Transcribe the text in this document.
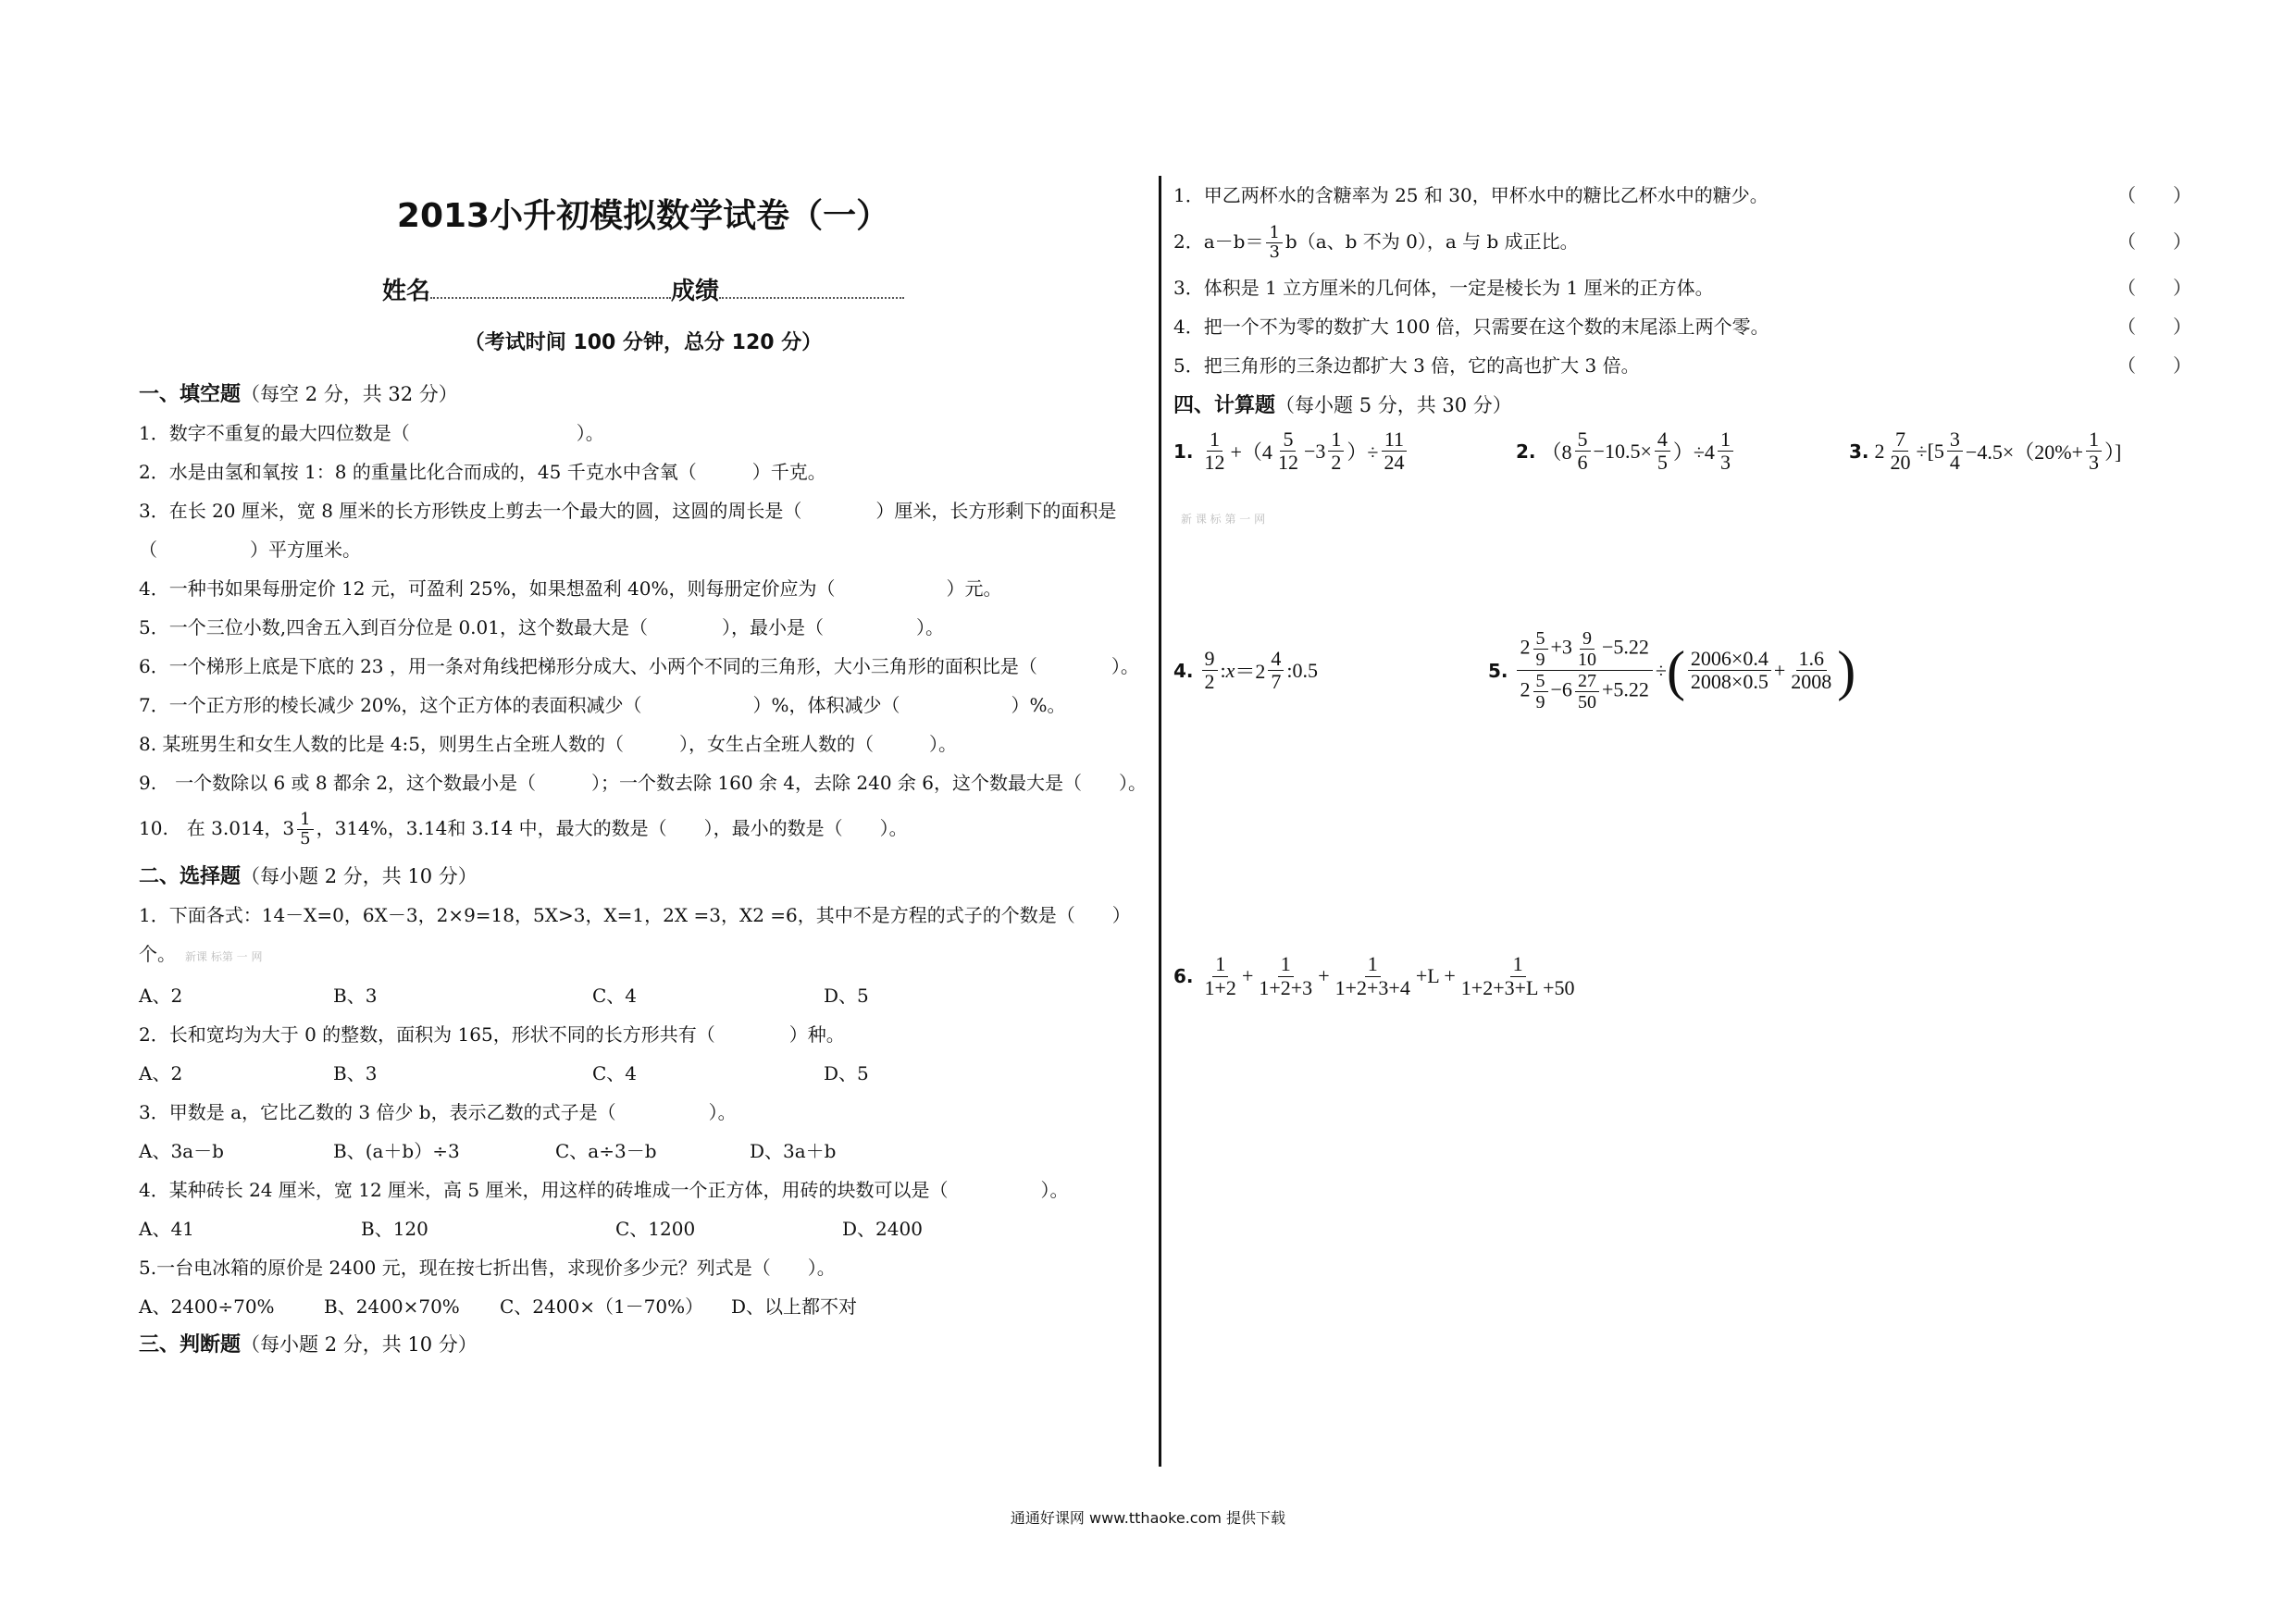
2013小升初模拟数学试卷（一）
姓名	成绩
（考试时间 100 分钟，总分 120 分）
一、填空题（每空 2 分，共 32 分）
1．数字不重复的最大四位数是（　　　　　　　　　）。
2．水是由氢和氧按 1：8 的重量比化合而成的，45 千克水中含氧（　　　）千克。
3．在长 20 厘米，宽 8 厘米的长方形铁皮上剪去一个最大的圆，这圆的周长是（　　　　）厘米，长方形剩下的面积是（　　　　　）平方厘米。
4．一种书如果每册定价 12 元，可盈利 25%，如果想盈利 40%，则每册定价应为（　　　　　　）元。
5．一个三位小数,四舍五入到百分位是 0.01，这个数最大是（　　　　），最小是（　　　　　）。
6．一个梯形上底是下底的 23 ，用一条对角线把梯形分成大、小两个不同的三角形，大小三角形的面积比是（　　　　）。
7．一个正方形的棱长减少 20%，这个正方体的表面积减少（　　　　　　）%，体积减少（　　　　　　）%。
8. 某班男生和女生人数的比是 4:5，则男生占全班人数的（　　　），女生占全班人数的（　　　）。
9.　一个数除以 6 或 8 都余 2，这个数最小是（　　　）；一个数去除 160 余 4，去除 240 余 6，这个数最大是（　　）。
10.　在 3.014，$3 \frac{1}{5}$ ，314%，3.14̇和 3.1̇4̇ 中，最大的数是（　　），最小的数是（　　）。
二、选择题（每小题 2 分，共 10 分）
1．下面各式：14－X=0，6X－3，2×9=18，5X>3，X=1，2X =3，X2 =6，其中不是方程的式子的个数是（　　）
个。 新课 标第 一 网
A、2	B、3	C、4	D、5
2．长和宽均为大于 0 的整数，面积为 165，形状不同的长方形共有（　　　　）种。
A、2	B、3	C、4	D、5
3．甲数是 a，它比乙数的 3 倍少 b，表示乙数的式子是（　　　　　）。
A、3a－b	B、(a＋b）÷3	C、a÷3－b	D、3a＋b
4．某种砖长 24 厘米，宽 12 厘米，高 5 厘米，用这样的砖堆成一个正方体，用砖的块数可以是（　　　　　）。
A、41	B、120	C、1200	D、2400
5.一台电冰箱的原价是 2400 元，现在按七折出售，求现价多少元？列式是（　　）。
A、2400÷70%	B、2400×70%	C、2400×（1－70%）	D、以上都不对
三、判断题（每小题 2 分，共 10 分）
1．甲乙两杯水的含糖率为 25 和 30，甲杯水中的糖比乙杯水中的糖少。	（　　）
2．$a-b= \frac{1}{3} b(a$、b 不为 0），a 与 b 成正比。	（　　）
3．体积是 1 立方厘米的几何体，一定是棱长为 1 厘米的正方体。	（　　）
4．把一个不为零的数扩大 100 倍，只需要在这个数的末尾添上两个零。	（　　）
5．把三角形的三条边都扩大 3 倍，它的高也扩大 3 倍。	（　　）
四、计算题（每小题 5 分，共 30 分）
1. $\frac{1}{12} +(4 \frac{5}{12} -3 \frac{1}{2}$ ）÷ $\frac{11}{24}$	2. $(8 \frac{5}{6} -10.5\times \frac{4}{5} )\div 4 \frac{1}{3}$	3. $2 \frac{7}{20} \div[5 \frac{3}{4} -4.5\times(20\%+ \frac{1}{3}$ ）]
新 课 标 第 一 网
4. $\frac{9}{2}$ : $x =2 \frac{4}{7}$ :0.5	5. $\frac{2 \frac{5}{9} +3 \frac{9}{10} -5.22}{2 \frac{5}{9} -6 \frac{27}{50} +5.22}$ ÷ ( $\frac{2006\times 0.4}{2008\times 0.5} + \frac{1.6}{2008}$ )
6. $\frac{1}{1+2} + \frac{1}{1+2+3} + \frac{1}{1+2+3+4} +L + \frac{1}{1+2+3+L +50}$
通通好课网 www.tthaoke.com 提供下载
